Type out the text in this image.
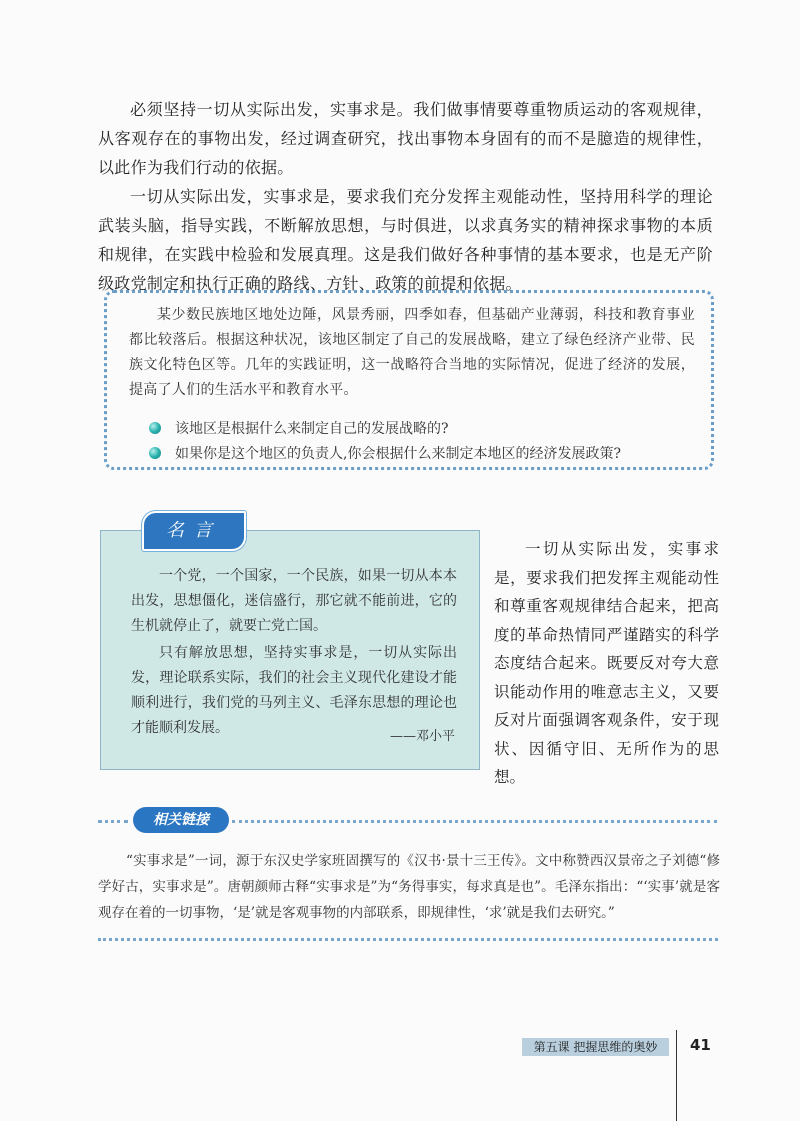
必须坚持一切从实际出发，实事求是。我们做事情要尊重物质运动的客观规律，从客观存在的事物出发，经过调查研究，找出事物本身固有的而不是臆造的规律性，以此作为我们行动的依据。

一切从实际出发，实事求是，要求我们充分发挥主观能动性，坚持用科学的理论武装头脑，指导实践，不断解放思想，与时俱进，以求真务实的精神探求事物的本质和规律，在实践中检验和发展真理。这是我们做好各种事情的基本要求，也是无产阶级政党制定和执行正确的路线、方针、政策的前提和依据。

某少数民族地区地处边陲，风景秀丽，四季如春，但基础产业薄弱，科技和教育事业都比较落后。根据这种状况，该地区制定了自己的发展战略，建立了绿色经济产业带、民族文化特色区等。几年的实践证明，这一战略符合当地的实际情况，促进了经济的发展，提高了人们的生活水平和教育水平。

该地区是根据什么来制定自己的发展战略的?
如果你是这个地区的负责人,你会根据什么来制定本地区的经济发展政策?

一个党，一个国家，一个民族，如果一切从本本出发，思想僵化，迷信盛行，那它就不能前进，它的生机就停止了，就要亡党亡国。

只有解放思想，坚持实事求是，一切从实际出发，理论联系实际，我们的社会主义现代化建设才能顺利进行，我们党的马列主义、毛泽东思想的理论也才能顺利发展。

——邓小平
名言

一切从实际出发，实事求是，要求我们把发挥主观能动性和尊重客观规律结合起来，把高度的革命热情同严谨踏实的科学态度结合起来。既要反对夸大意识能动作用的唯意志主义，又要反对片面强调客观条件，安于现状、因循守旧、无所作为的思想。

相关链接

“实事求是”一词，源于东汉史学家班固撰写的《汉书·景十三王传》。文中称赞西汉景帝之子刘德“修学好古，实事求是”。唐朝颜师古释“实事求是”为“务得事实，每求真是也”。毛泽东指出：“‘实事’就是客观存在着的一切事物，‘是’就是客观事物的内部联系，即规律性，‘求’就是我们去研究。”

第五课 把握思维的奥妙	41
